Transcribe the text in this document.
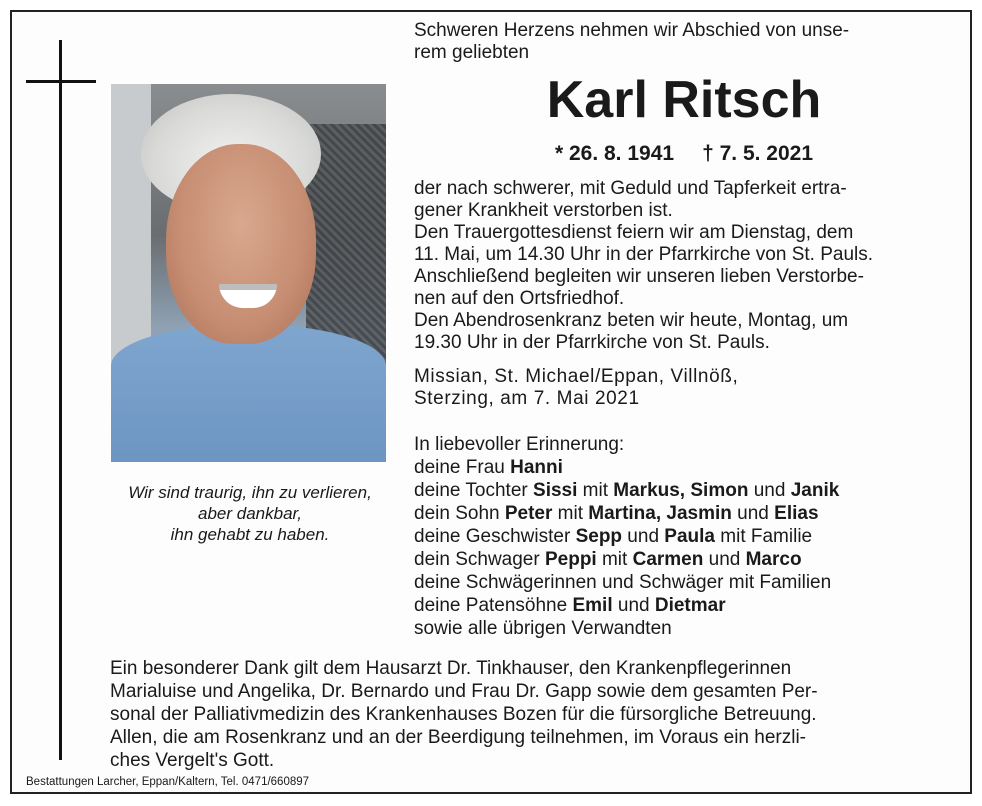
Wir sind traurig, ihn zu verlieren,
aber dankbar,
ihn gehabt zu haben.
Schweren Herzens nehmen wir Abschied von unse-
rem geliebten
Karl Ritsch
* 26. 8. 1941 † 7. 5. 2021
der nach schwerer, mit Geduld und Tapferkeit ertra-
gener Krankheit verstorben ist.
Den Trauergottesdienst feiern wir am Dienstag, dem
11. Mai, um 14.30 Uhr in der Pfarrkirche von St. Pauls.
Anschließend begleiten wir unseren lieben Verstorbe-
nen auf den Ortsfriedhof.
Den Abendrosenkranz beten wir heute, Montag, um
19.30 Uhr in der Pfarrkirche von St. Pauls.
Missian, St. Michael/Eppan, Villnöß,
Sterzing, am 7. Mai 2021
In liebevoller Erinnerung:
deine Frau Hanni
deine Tochter Sissi mit Markus, Simon und Janik
dein Sohn Peter mit Martina, Jasmin und Elias
deine Geschwister Sepp und Paula mit Familie
dein Schwager Peppi mit Carmen und Marco
deine Schwägerinnen und Schwäger mit Familien
deine Patensöhne Emil und Dietmar
sowie alle übrigen Verwandten
Ein besonderer Dank gilt dem Hausarzt Dr. Tinkhauser, den Krankenpflegerinnen
Marialuise und Angelika, Dr. Bernardo und Frau Dr. Gapp sowie dem gesamten Per-
sonal der Palliativmedizin des Krankenhauses Bozen für die fürsorgliche Betreuung.
Allen, die am Rosenkranz und an der Beerdigung teilnehmen, im Voraus ein herzli-
ches Vergelt's Gott.
Bestattungen Larcher, Eppan/Kaltern, Tel. 0471/660897
